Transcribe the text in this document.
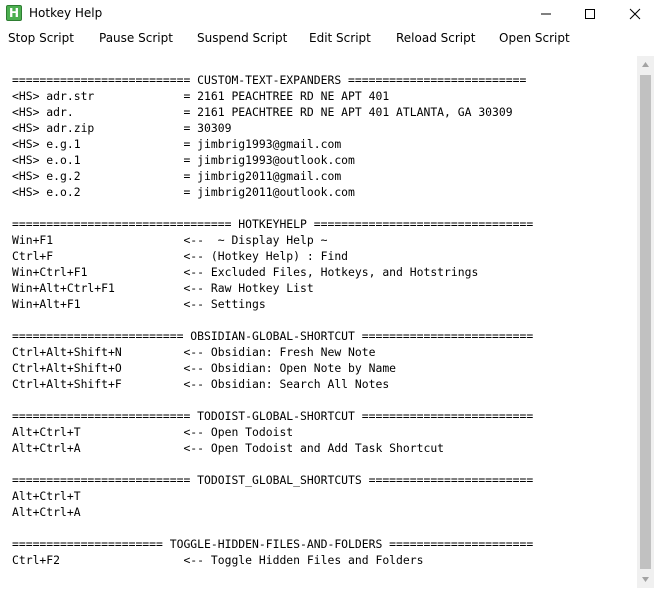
H Hotkey Help
Stop Script Pause Script Suspend Script Edit Script Reload Script Open Script
========================== CUSTOM-TEXT-EXPANDERS ==========================
<HS> adr.str             = 2161 PEACHTREE RD NE APT 401
<HS> adr.                = 2161 PEACHTREE RD NE APT 401 ATLANTA, GA 30309
<HS> adr.zip             = 30309
<HS> e.g.1               = jimbrig1993@gmail.com
<HS> e.o.1               = jimbrig1993@outlook.com
<HS> e.g.2               = jimbrig2011@gmail.com
<HS> e.o.2               = jimbrig2011@outlook.com
================================ HOTKEYHELP ================================
Win+F1                   <--  ~ Display Help ~
Ctrl+F                   <-- (Hotkey Help) : Find
Win+Ctrl+F1              <-- Excluded Files, Hotkeys, and Hotstrings
Win+Alt+Ctrl+F1          <-- Raw Hotkey List
Win+Alt+F1               <-- Settings
========================= OBSIDIAN-GLOBAL-SHORTCUT =========================
Ctrl+Alt+Shift+N         <-- Obsidian: Fresh New Note
Ctrl+Alt+Shift+O         <-- Obsidian: Open Note by Name
Ctrl+Alt+Shift+F         <-- Obsidian: Search All Notes
========================== TODOIST-GLOBAL-SHORTCUT =========================
Alt+Ctrl+T               <-- Open Todoist
Alt+Ctrl+A               <-- Open Todoist and Add Task Shortcut
========================== TODOIST_GLOBAL_SHORTCUTS ========================
Alt+Ctrl+T
Alt+Ctrl+A
====================== TOGGLE-HIDDEN-FILES-AND-FOLDERS =====================
Ctrl+F2                  <-- Toggle Hidden Files and Folders
